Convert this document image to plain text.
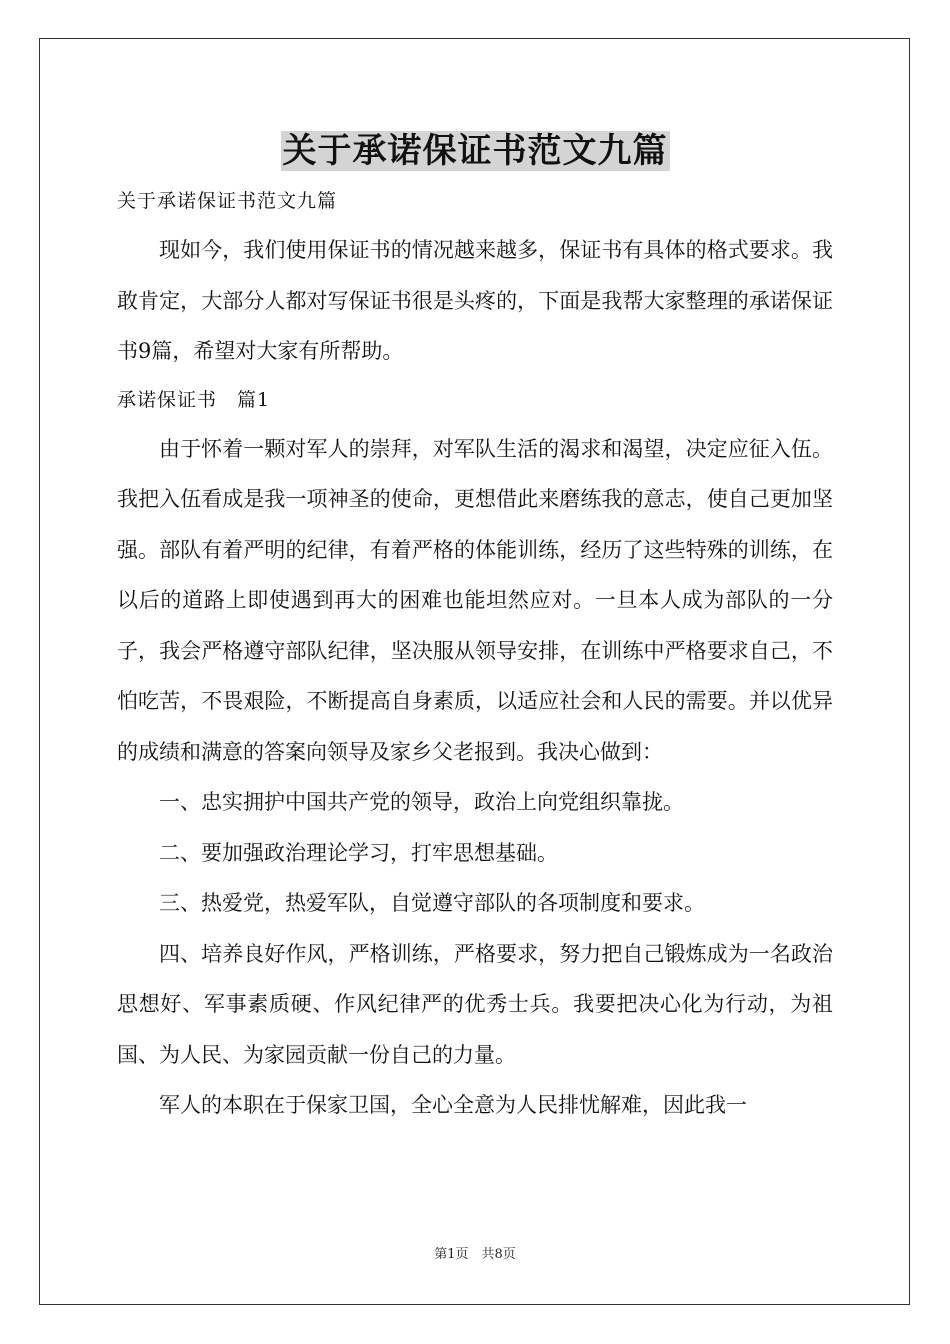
关于承诺保证书范文九篇

关于承诺保证书范文九篇

现如今，我们使用保证书的情况越来越多，保证书有具体的格式要求。我敢肯定，大部分人都对写保证书很是头疼的，下面是我帮大家整理的承诺保证书9篇，希望对大家有所帮助。

承诺保证书　篇1

由于怀着一颗对军人的崇拜，对军队生活的渴求和渴望，决定应征入伍。我把入伍看成是我一项神圣的使命，更想借此来磨练我的意志，使自己更加坚强。部队有着严明的纪律，有着严格的体能训练，经历了这些特殊的训练，在以后的道路上即使遇到再大的困难也能坦然应对。一旦本人成为部队的一分子，我会严格遵守部队纪律，坚决服从领导安排，在训练中严格要求自己，不怕吃苦，不畏艰险，不断提高自身素质，以适应社会和人民的需要。并以优异的成绩和满意的答案向领导及家乡父老报到。我决心做到：

一、忠实拥护中国共产党的领导，政治上向党组织靠拢。

二、要加强政治理论学习，打牢思想基础。

三、热爱党，热爱军队，自觉遵守部队的各项制度和要求。

四、培养良好作风，严格训练，严格要求，努力把自己锻炼成为一名政治思想好、军事素质硬、作风纪律严的优秀士兵。我要把决心化为行动，为祖国、为人民、为家园贡献一份自己的力量。

军人的本职在于保家卫国，全心全意为人民排忧解难，因此我一

第1页　共8页
